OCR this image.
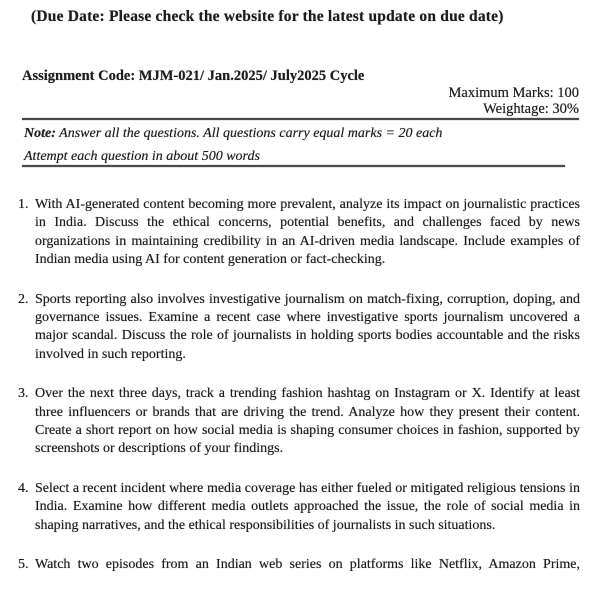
(Due Date: Please check the website for the latest update on due date)
Assignment Code: MJM-021/ Jan.2025/ July2025 Cycle
Maximum Marks: 100
Weightage: 30%
Note: Answer all the questions. All questions carry equal marks = 20 each
Attempt each question in about 500 words
1. With AI-generated content becoming more prevalent, analyze its impact on journalistic practices in India. Discuss the ethical concerns, potential benefits, and challenges faced by news organizations in maintaining credibility in an AI-driven media landscape. Include examples of Indian media using AI for content generation or fact-checking.
2. Sports reporting also involves investigative journalism on match-fixing, corruption, doping, and governance issues. Examine a recent case where investigative sports journalism uncovered a major scandal. Discuss the role of journalists in holding sports bodies accountable and the risks involved in such reporting.
3. Over the next three days, track a trending fashion hashtag on Instagram or X. Identify at least three influencers or brands that are driving the trend. Analyze how they present their content. Create a short report on how social media is shaping consumer choices in fashion, supported by screenshots or descriptions of your findings.
4. Select a recent incident where media coverage has either fueled or mitigated religious tensions in India. Examine how different media outlets approached the issue, the role of social media in shaping narratives, and the ethical responsibilities of journalists in such situations.
5. Watch two episodes from an Indian web series on platforms like Netflix, Amazon Prime,
